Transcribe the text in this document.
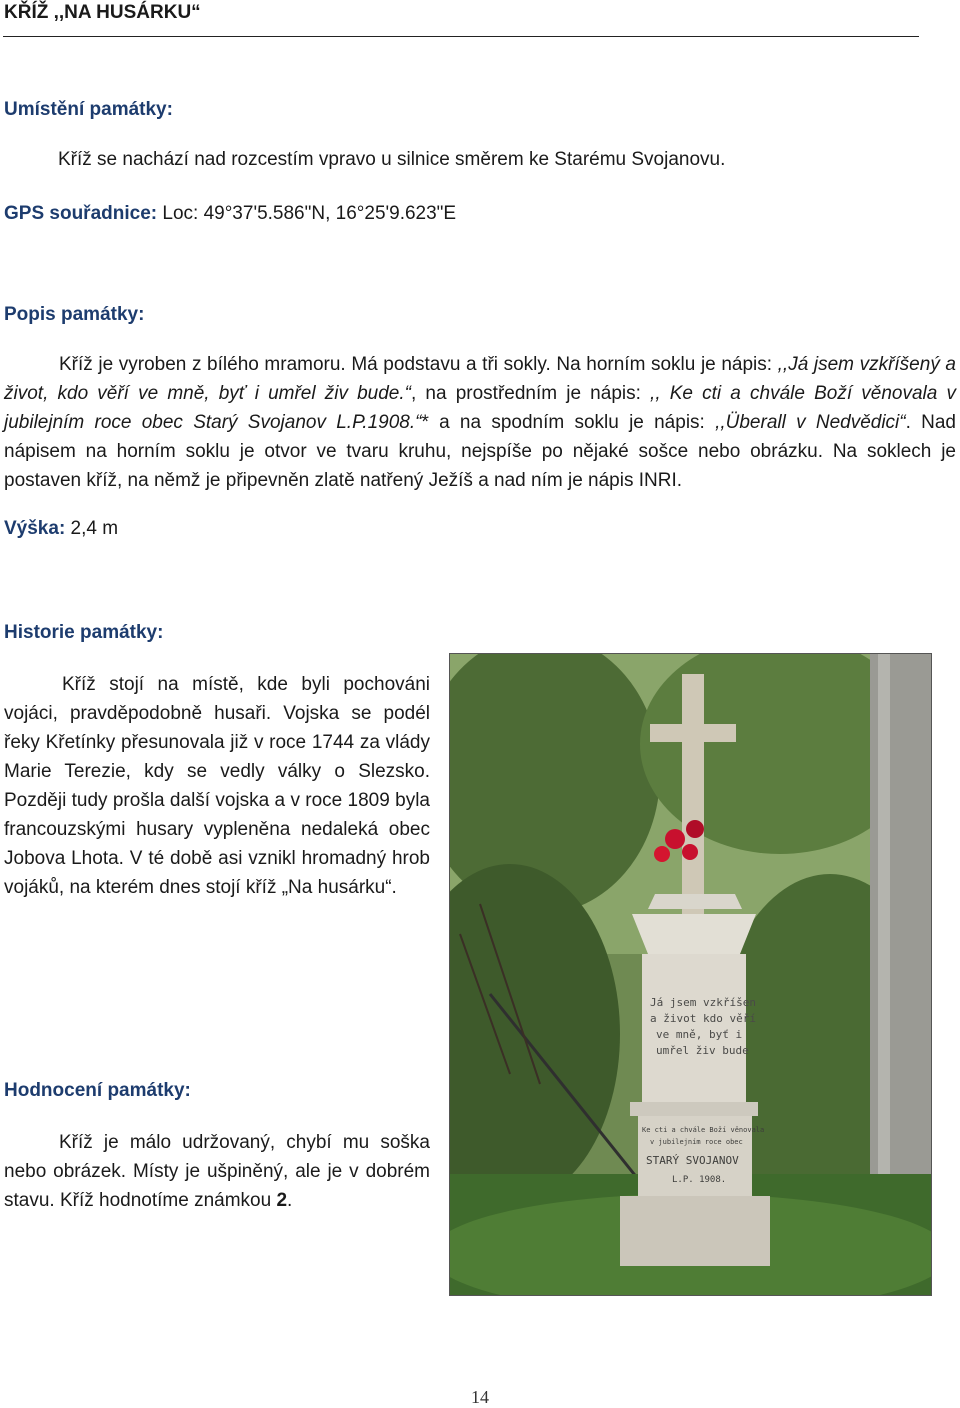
KŘÍŽ ,,NA HUSÁRKU“
Umístění památky:

Kříž se nachází nad rozcestím vpravo u silnice směrem ke Starému Svojanovu.

GPS souřadnice: Loc: 49°37'5.586"N, 16°25'9.623"E
Popis památky:

Kříž je vyroben z bílého mramoru. Má podstavu a tři sokly. Na horním soklu je nápis: ,,Já jsem vzkříšený a život, kdo věří ve mně, byť i umřel živ bude.“, na prostředním je nápis: ,, Ke cti a chvále Boží věnovala v jubilejním roce obec Starý Svojanov L.P.1908.“* a na spodním soklu je nápis: ,,Überall v Nedvědici“. Nad nápisem na horním soklu je otvor ve tvaru kruhu, nejspíše po nějaké sošce nebo obrázku. Na soklech je postaven kříž, na němž je připevněn zlatě natřený Ježíš a nad ním je nápis INRI.

Výška: 2,4 m
Historie památky:

Kříž stojí na místě, kde byli pochováni vojáci, pravděpodobně husaři. Vojska se podél řeky Křetínky přesunovala již v roce 1744 za vlády Marie Terezie, kdy se vedly války o Slezsko. Později tudy prošla další vojska a v roce 1809 byla francouzskými husary vypleněna nedaleká obec Jobova Lhota. V té době asi vznikl hromadný hrob vojáků, na kterém dnes stojí kříž „Na husárku“.

Hodnocení památky:

Kříž je málo udržovaný, chybí mu soška nebo obrázek. Místy je ušpiněný, ale je v dobrém stavu. Kříž hodnotíme známkou 2.

Já jsem vzkříšen a život kdo věří ve mně, byť i umřel živ bude
Ke cti a chvále Boží věnovala v jubilejním roce obec STARÝ SVOJANOV L.P. 1908.
14
